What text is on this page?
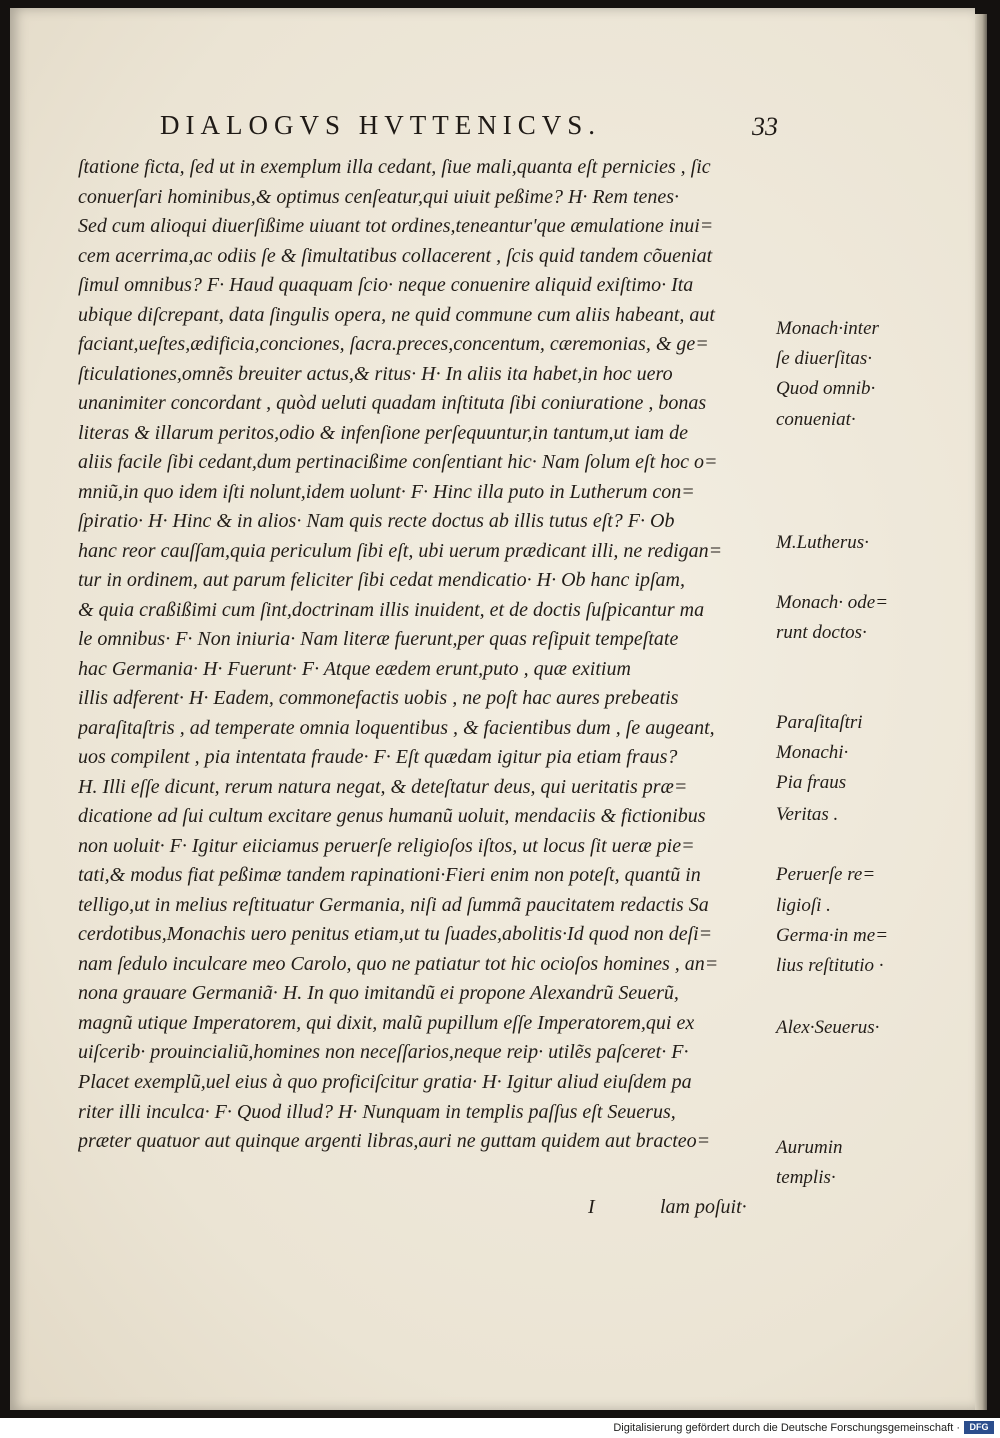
DIALOGVS HVTTENICVS.	33
ſtatione ficta, ſed ut in exemplum illa cedant, ſiue mali,quanta eſt pernicies , ſic
conuerſari hominibus,& optimus cenſeatur,qui uiuit peßime? H· Rem tenes·
Sed cum alioqui diuerſißime uiuant tot ordines,teneantur'que æmulatione inui=
cem acerrima,ac odiis ſe & ſimultatibus collacerent , ſcis quid tandem cõueniat
ſimul omnibus? F· Haud quaquam ſcio· neque conuenire aliquid exiſtimo· Ita
ubique diſcrepant, data ſingulis opera, ne quid commune cum aliis habeant, aut
faciant,ueſtes,ædificia,conciones, ſacra.preces,concentum, cæremonias, & ge=
ſticulationes,omnẽs breuiter actus,& ritus· H· In aliis ita habet,in hoc uero
unanimiter concordant , quòd ueluti quadam inſtituta ſibi coniuratione , bonas
literas & illarum peritos,odio & infenſione perſequuntur,in tantum,ut iam de
aliis facile ſibi cedant,dum pertinacißime conſentiant hic· Nam ſolum eſt hoc o=
mniũ,in quo idem iſti nolunt,idem uolunt· F· Hinc illa puto in Lutherum con=
ſpiratio· H· Hinc & in alios· Nam quis recte doctus ab illis tutus eſt? F· Ob
hanc reor cauſſam,quia periculum ſibi eſt, ubi uerum prædicant illi, ne redigan=
tur in ordinem, aut parum feliciter ſibi cedat mendicatio· H· Ob hanc ipſam,
& quia craßißimi cum ſint,doctrinam illis inuident, et de doctis ſuſpicantur ma
le omnibus· F· Non iniuria· Nam literæ fuerunt,per quas reſipuit tempeſtate
hac Germania· H· Fuerunt· F· Atque eædem erunt,puto , quæ exitium
illis adferent· H· Eadem, commonefactis uobis , ne poſt hac aures prebeatis
paraſitaſtris , ad temperate omnia loquentibus , & facientibus dum , ſe augeant,
uos compilent , pia intentata fraude· F· Eſt quædam igitur pia etiam fraus?
H. Illi eſſe dicunt, rerum natura negat, & deteſtatur deus, qui ueritatis præ=
dicatione ad ſui cultum excitare genus humanũ uoluit, mendaciis & fictionibus
non uoluit· F· Igitur eiiciamus peruerſe religioſos iſtos, ut locus ſit ueræ pie=
tati,& modus fiat peßimæ tandem rapinationi·Fieri enim non poteſt, quantũ in
telligo,ut in melius reſtituatur Germania, niſi ad ſummã paucitatem redactis Sa
cerdotibus,Monachis uero penitus etiam,ut tu ſuades,abolitis·Id quod non deſi=
nam ſedulo inculcare meo Carolo, quo ne patiatur tot hic ocioſos homines , an=
nona grauare Germaniã· H. In quo imitandũ ei propone Alexandrũ Seuerũ,
magnũ utique Imperatorem, qui dixit, malũ pupillum eſſe Imperatorem,qui ex
uiſcerib· prouincialiũ,homines non neceſſarios,neque reip· utilẽs paſceret· F·
Placet exemplũ,uel eius à quo proficiſcitur gratia· H· Igitur aliud eiuſdem pa
riter illi inculca· F· Quod illud? H· Nunquam in templis paſſus eſt Seuerus,
præter quatuor aut quinque argenti libras,auri ne guttam quidem aut bracteo=
Monach·inter
ſe diuerſitas·
Quod omnib·
conueniat·
M.Lutherus·
Monach· ode=
runt doctos·
Paraſitaſtri
Monachi·
Pia fraus
Veritas .
Peruerſe re=
ligioſi .
Germa·in me=
lius reſtitutio ·
Alex·Seuerus·
Aurumin
templis·
I	lam poſuit·
Digitalisierung gefördert durch die Deutsche Forschungsgemeinschaft ·	DFG
